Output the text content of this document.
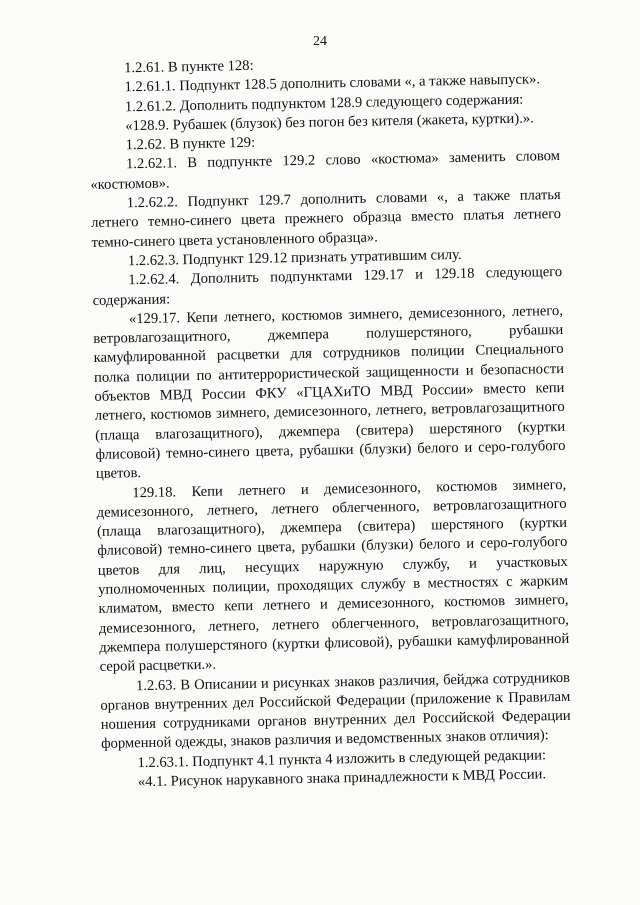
24

1.2.61. В пункте 128:

1.2.61.1. Подпункт 128.5 дополнить словами «, а также навыпуск».

1.2.61.2. Дополнить подпунктом 128.9 следующего содержания:

«128.9. Рубашек (блузок) без погон без кителя (жакета, куртки).».

1.2.62. В пункте 129:

1.2.62.1. В подпункте 129.2 слово «костюма» заменить словом «костюмов».

1.2.62.2. Подпункт 129.7 дополнить словами «, а также платья летнего темно-синего цвета прежнего образца вместо платья летнего темно-синего цвета установленного образца».

1.2.62.3. Подпункт 129.12 признать утратившим силу.

1.2.62.4. Дополнить подпунктами 129.17 и 129.18 следующего содержания:

«129.17. Кепи летнего, костюмов зимнего, демисезонного, летнего, ветровлагозащитного, джемпера полушерстяного, рубашки камуфлированной расцветки для сотрудников полиции Специального полка полиции по антитеррористической защищенности и безопасности объектов МВД России ФКУ «ГЦАХиТО МВД России» вместо кепи летнего, костюмов зимнего, демисезонного, летнего, ветровлагозащитного (плаща влагозащитного), джемпера (свитера) шерстяного (куртки флисовой) темно-синего цвета, рубашки (блузки) белого и серо-голубого цветов.

129.18. Кепи летнего и демисезонного, костюмов зимнего, демисезонного, летнего, летнего облегченного, ветровлагозащитного (плаща влагозащитного), джемпера (свитера) шерстяного (куртки флисовой) темно-синего цвета, рубашки (блузки) белого и серо-голубого цветов для лиц, несущих наружную службу, и участковых уполномоченных полиции, проходящих службу в местностях с жарким климатом, вместо кепи летнего и демисезонного, костюмов зимнего, демисезонного, летнего, летнего облегченного, ветровлагозащитного, джемпера полушерстяного (куртки флисовой), рубашки камуфлированной серой расцветки.».

1.2.63. В Описании и рисунках знаков различия, бейджа сотрудников органов внутренних дел Российской Федерации (приложение к Правилам ношения сотрудниками органов внутренних дел Российской Федерации форменной одежды, знаков различия и ведомственных знаков отличия):

1.2.63.1. Подпункт 4.1 пункта 4 изложить в следующей редакции:

«4.1. Рисунок нарукавного знака принадлежности к МВД России.
